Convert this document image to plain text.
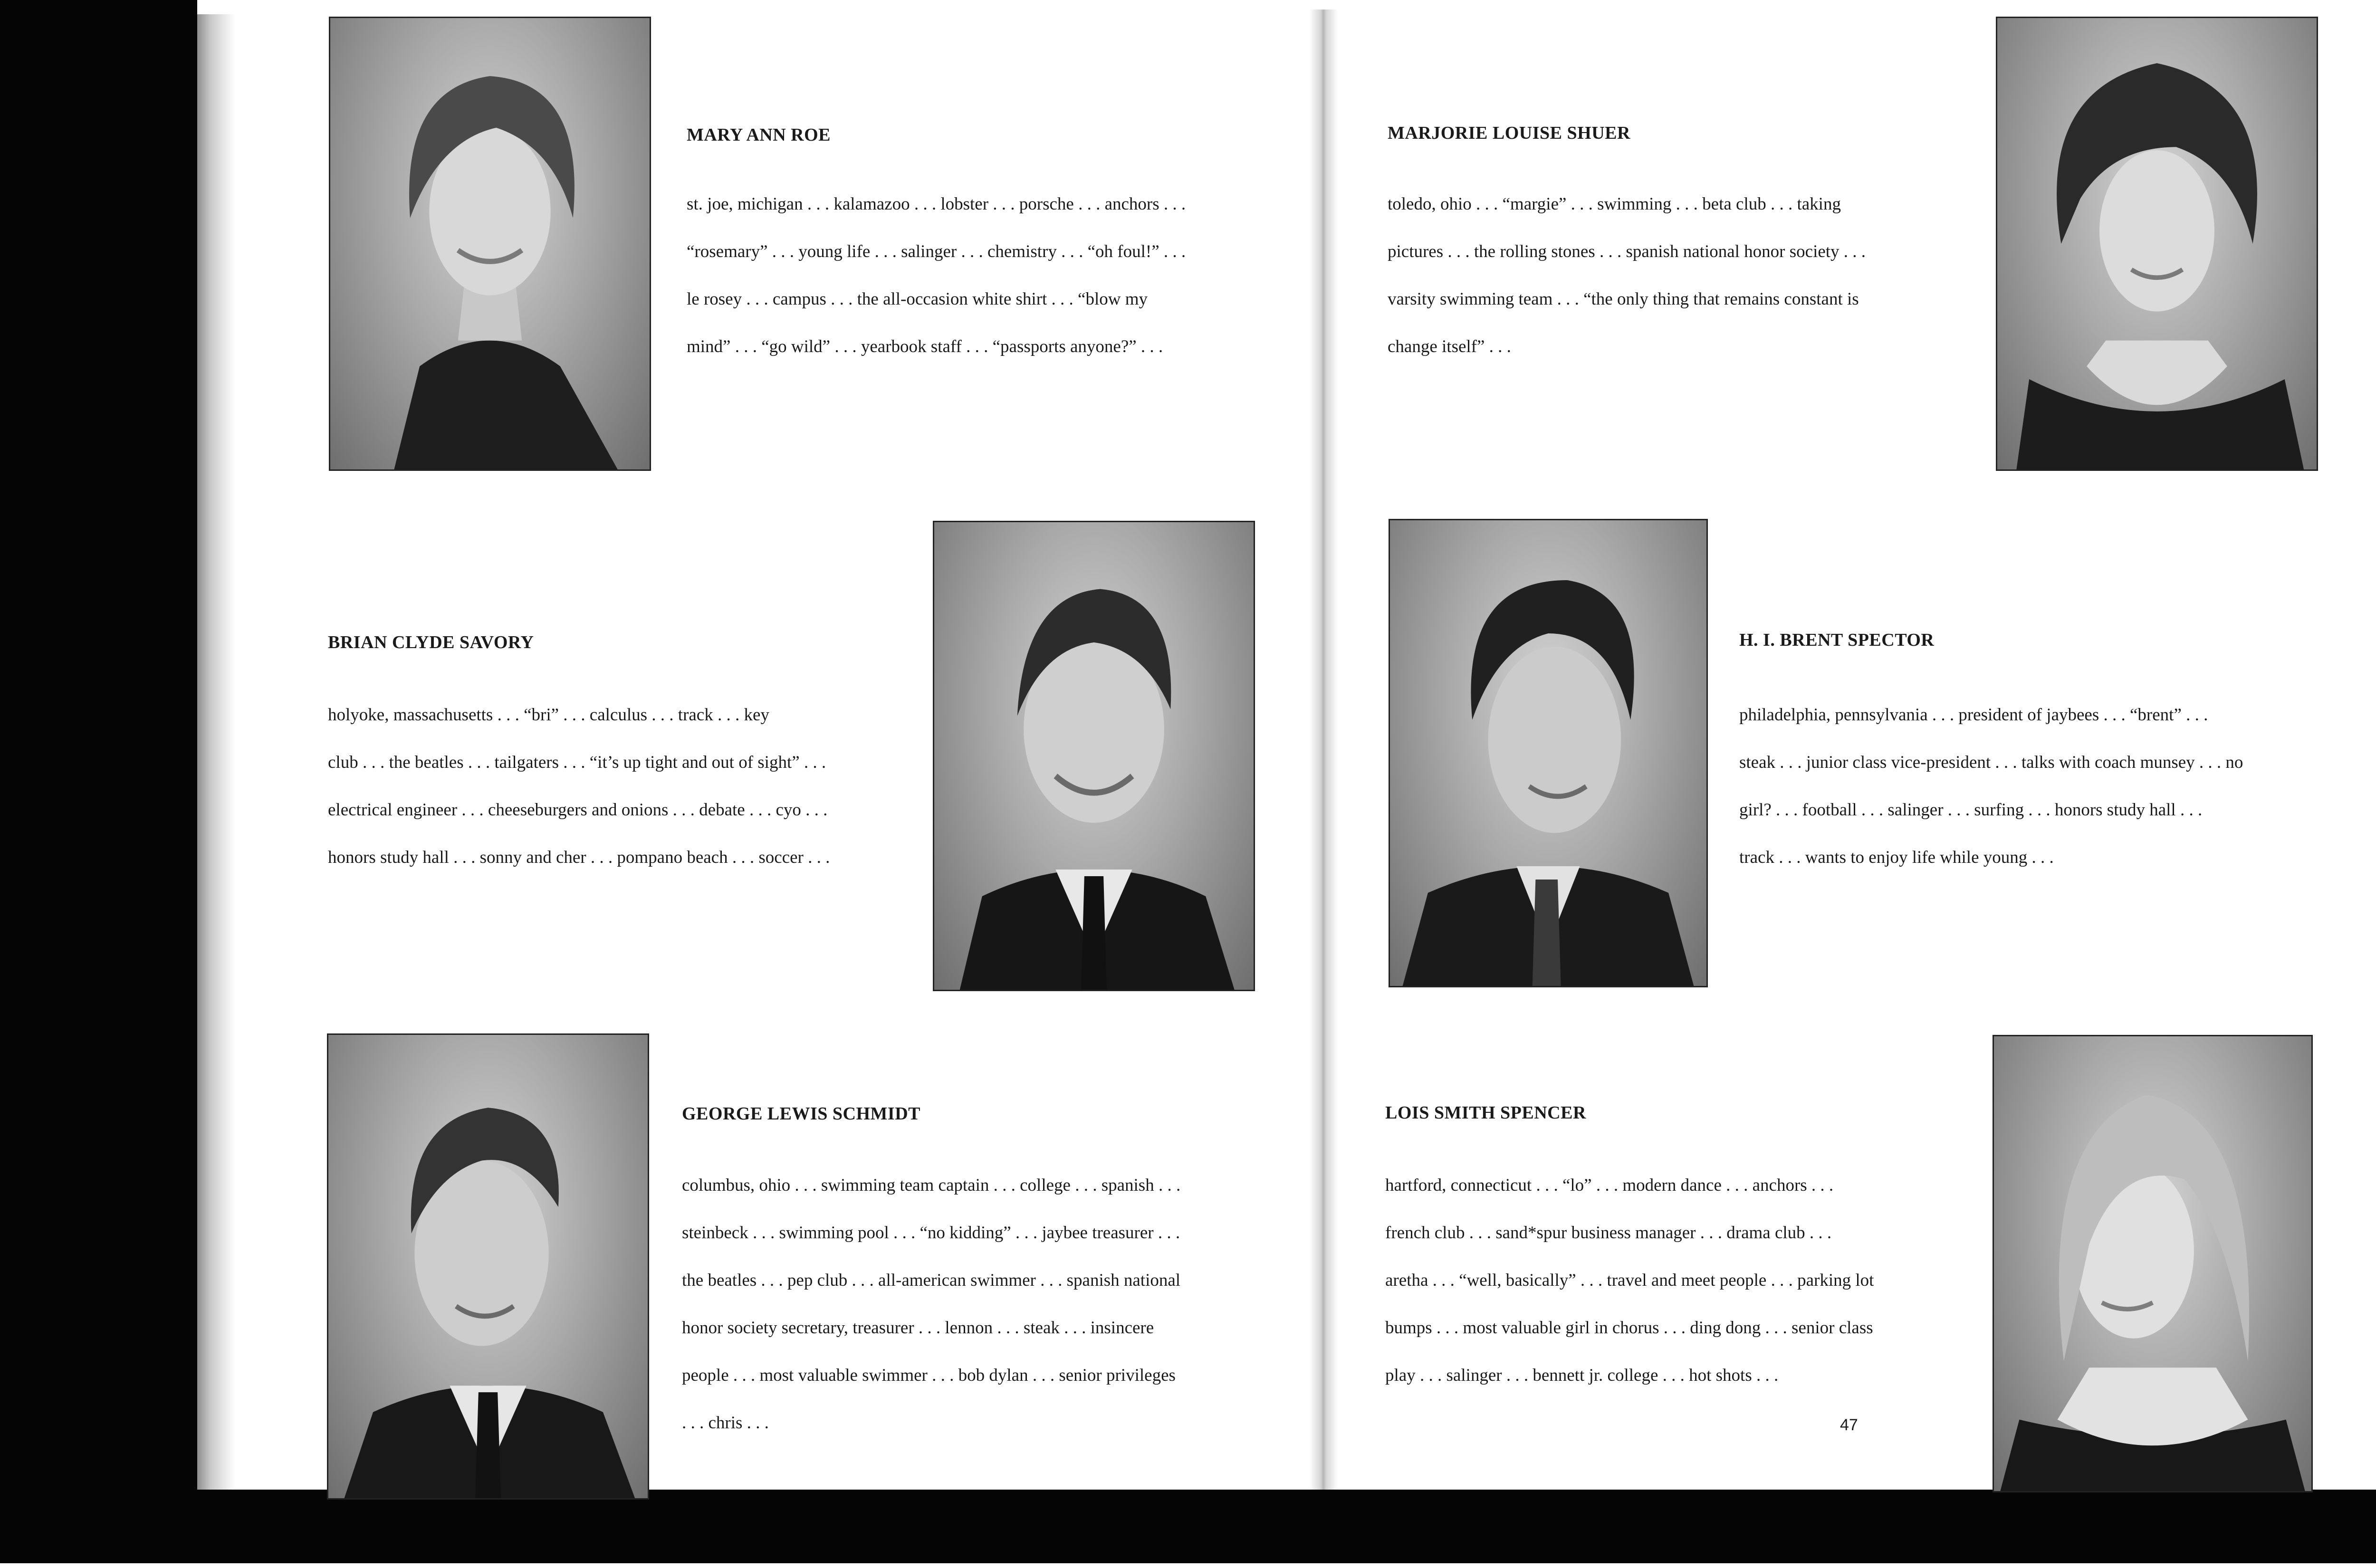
MARY ANN ROE
st. joe, michigan . . . kalamazoo . . . lobster . . . porsche . . . anchors . . .
“rosemary” . . . young life . . . salinger . . . chemistry . . . “oh foul!” . . .
le rosey . . . campus . . . the all-occasion white shirt . . . “blow my
mind” . . . “go wild” . . . yearbook staff . . . “passports anyone?” . . .
BRIAN CLYDE SAVORY
holyoke, massachusetts . . . “bri” . . . calculus . . . track . . . key
club . . . the beatles . . . tailgaters . . . “it’s up tight and out of sight” . . .
electrical engineer . . . cheeseburgers and onions . . . debate . . . cyo . . .
honors study hall . . . sonny and cher . . . pompano beach . . . soccer . . .
GEORGE LEWIS SCHMIDT
columbus, ohio . . . swimming team captain . . . college . . . spanish . . .
steinbeck . . . swimming pool . . . “no kidding” . . . jaybee treasurer . . .
the beatles . . . pep club . . . all-american swimmer . . . spanish national
honor society secretary, treasurer . . . lennon . . . steak . . . insincere
people . . . most valuable swimmer . . . bob dylan . . . senior privileges
. . . chris . . .
MARJORIE LOUISE SHUER
toledo, ohio . . . “margie” . . . swimming . . . beta club . . . taking
pictures . . . the rolling stones . . . spanish national honor society . . .
varsity swimming team . . . “the only thing that remains constant is
change itself” . . .
H. I. BRENT SPECTOR
philadelphia, pennsylvania . . . president of jaybees . . . “brent” . . .
steak . . . junior class vice-president . . . talks with coach munsey . . . no
girl? . . . football . . . salinger . . . surfing . . . honors study hall . . .
track . . . wants to enjoy life while young . . .
LOIS SMITH SPENCER
hartford, connecticut . . . “lo” . . . modern dance . . . anchors . . .
french club . . . sand*spur business manager . . . drama club . . .
aretha . . . “well, basically” . . . travel and meet people . . . parking lot
bumps . . . most valuable girl in chorus . . . ding dong . . . senior class
play . . . salinger . . . bennett jr. college . . . hot shots . . .
47
